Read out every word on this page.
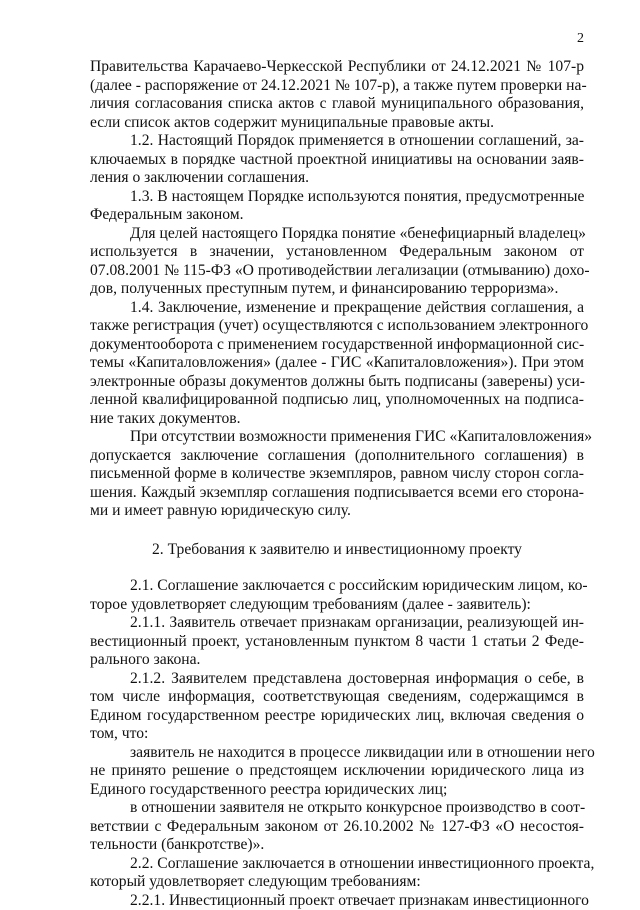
2
Правительства Карачаево-Черкесской Республики от 24.12.2021 № 107-р
(далее - распоряжение от 24.12.2021 № 107-р), а также путем проверки на-
личия согласования списка актов с главой муниципального образования,
если список актов содержит муниципальные правовые акты.
1.2. Настоящий Порядок применяется в отношении соглашений, за-
ключаемых в порядке частной проектной инициативы на основании заяв-
ления о заключении соглашения.
1.3. В настоящем Порядке используются понятия, предусмотренные
Федеральным законом.
Для целей настоящего Порядка понятие «бенефициарный владелец»
используется в значении, установленном Федеральным законом от
07.08.2001 № 115-ФЗ «О противодействии легализации (отмыванию) дохо-
дов, полученных преступным путем, и финансированию терроризма».
1.4. Заключение, изменение и прекращение действия соглашения, а
также регистрация (учет) осуществляются с использованием электронного
документооборота с применением государственной информационной сис-
темы «Капиталовложения» (далее - ГИС «Капиталовложения»). При этом
электронные образы документов должны быть подписаны (заверены) уси-
ленной квалифицированной подписью лиц, уполномоченных на подписа-
ние таких документов.
При отсутствии возможности применения ГИС «Капиталовложения»
допускается заключение соглашения (дополнительного соглашения) в
письменной форме в количестве экземпляров, равном числу сторон согла-
шения. Каждый экземпляр соглашения подписывается всеми его сторона-
ми и имеет равную юридическую силу.
2. Требования к заявителю и инвестиционному проекту
2.1. Соглашение заключается с российским юридическим лицом, ко-
торое удовлетворяет следующим требованиям (далее - заявитель):
2.1.1. Заявитель отвечает признакам организации, реализующей ин-
вестиционный проект, установленным пунктом 8 части 1 статьи 2 Феде-
рального закона.
2.1.2. Заявителем представлена достоверная информация о себе, в
том числе информация, соответствующая сведениям, содержащимся в
Едином государственном реестре юридических лиц, включая сведения о
том, что:
заявитель не находится в процессе ликвидации или в отношении него
не принято решение о предстоящем исключении юридического лица из
Единого государственного реестра юридических лиц;
в отношении заявителя не открыто конкурсное производство в соот-
ветствии с Федеральным законом от 26.10.2002 № 127-ФЗ «О несостоя-
тельности (банкротстве)».
2.2. Соглашение заключается в отношении инвестиционного проекта,
который удовлетворяет следующим требованиям:
2.2.1. Инвестиционный проект отвечает признакам инвестиционного
